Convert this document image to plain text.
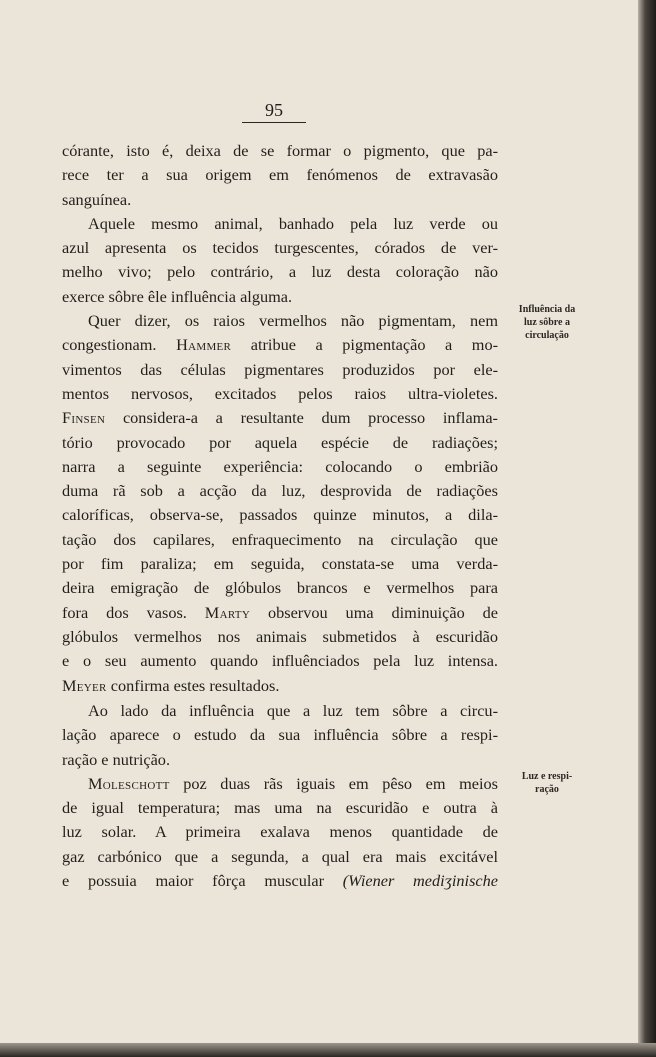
95
córante, isto é, deixa de se formar o pigmento, que pa-
rece ter a sua origem em fenómenos de extravasão
sanguínea.
Aquele mesmo animal, banhado pela luz verde ou
azul apresenta os tecidos turgescentes, córados de ver-
melho vivo; pelo contrário, a luz desta coloração não
exerce sôbre êle influência alguma.
Quer dizer, os raios vermelhos não pigmentam, nem
congestionam. Hammer atribue a pigmentação a mo-
vimentos das células pigmentares produzidos por ele-
mentos nervosos, excitados pelos raios ultra-violetes.
Finsen considera-a a resultante dum processo inflama-
tório provocado por aquela espécie de radiações;
narra a seguinte experiência: colocando o embrião
duma rã sob a acção da luz, desprovida de radiações
caloríficas, observa-se, passados quinze minutos, a dila-
tação dos capilares, enfraquecimento na circulação que
por fim paraliza; em seguida, constata-se uma verda-
deira emigração de glóbulos brancos e vermelhos para
fora dos vasos. Marty observou uma diminuição de
glóbulos vermelhos nos animais submetidos à escuridão
e o seu aumento quando influênciados pela luz intensa.
Meyer confirma estes resultados.
Influência da
luz sôbre a
circulação
Ao lado da influência que a luz tem sôbre a circu-
lação aparece o estudo da sua influência sôbre a respi-
ração e nutrição.
Moleschott poz duas rãs iguais em pêso em meios
de igual temperatura; mas uma na escuridão e outra à
luz solar. A primeira exalava menos quantidade de
gaz carbónico que a segunda, a qual era mais excitável
e possuia maior fôrça muscular (Wiener mediʒinische
Luz e respi-
ração
